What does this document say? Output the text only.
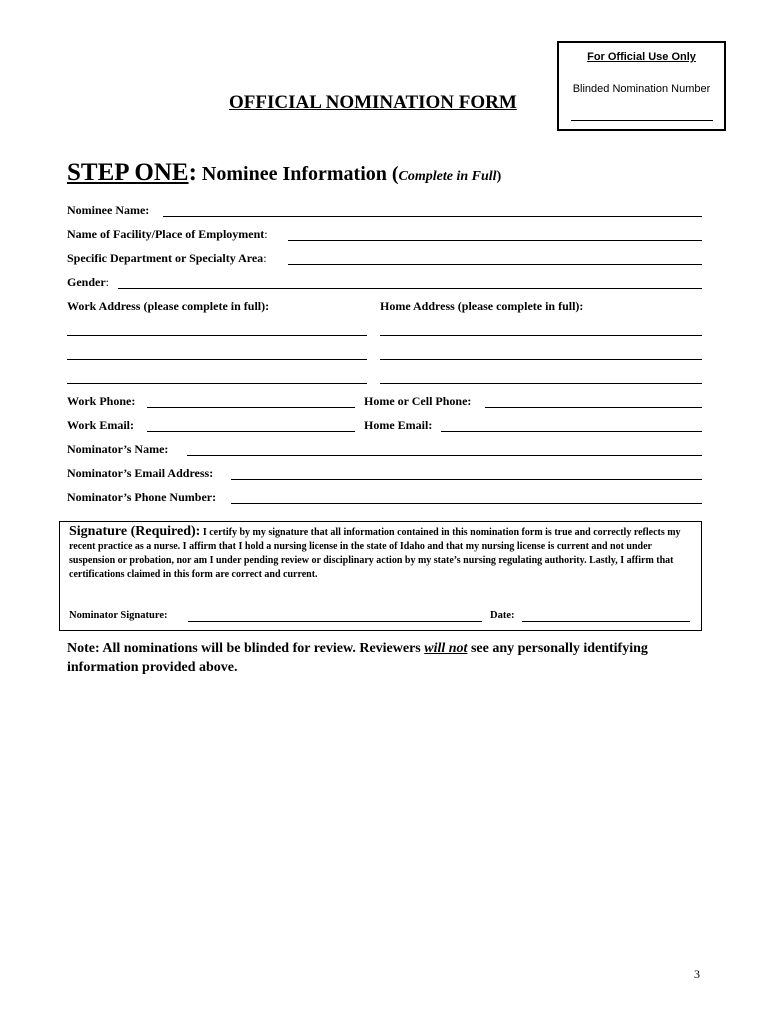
For Official Use Only
Blinded Nomination Number
OFFICIAL NOMINATION FORM
STEP ONE: Nominee Information (Complete in Full)
Nominee Name:
Name of Facility/Place of Employment:
Specific Department or Specialty Area:
Gender:
Work Address (please complete in full):	Home Address (please complete in full):
Work Phone:	Home or Cell Phone:
Work Email:	Home Email:
Nominator’s Name:
Nominator’s Email Address:
Nominator’s Phone Number:
Signature (Required): I certify by my signature that all information contained in this nomination form is true and correctly reflects my recent practice as a nurse. I affirm that I hold a nursing license in the state of Idaho and that my nursing license is current and not under suspension or probation, nor am I under pending review or disciplinary action by my state’s nursing regulating authority. Lastly, I affirm that certifications claimed in this form are correct and current.
Nominator Signature:	Date:
Note: All nominations will be blinded for review. Reviewers will not see any personally identifying information provided above.
3
